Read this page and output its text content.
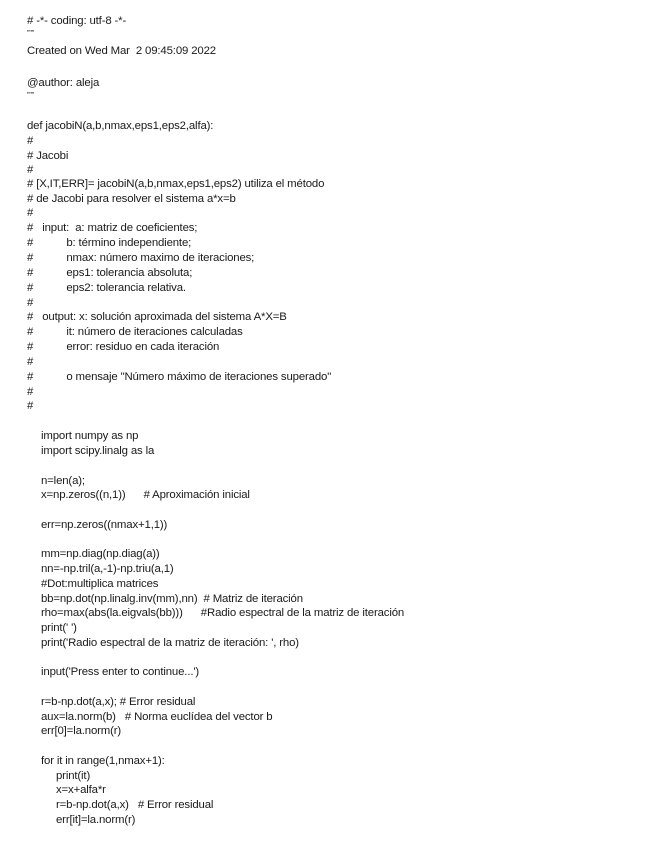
# -*- coding: utf-8 -*-
"""
Created on Wed Mar  2 09:45:09 2022
@author: aleja
"""
def jacobiN(a,b,nmax,eps1,eps2,alfa):
#
# Jacobi
#
# [X,IT,ERR]= jacobiN(a,b,nmax,eps1,eps2) utiliza el método
# de Jacobi para resolver el sistema a*x=b
#
#   input:  a: matriz de coeficientes;
#           b: término independiente;
#           nmax: número maximo de iteraciones;
#           eps1: tolerancia absoluta;
#           eps2: tolerancia relativa.
#
#   output: x: solución aproximada del sistema A*X=B
#           it: número de iteraciones calculadas
#           error: residuo en cada iteración
#
#           o mensaje "Número máximo de iteraciones superado"
#
#
import numpy as np
import scipy.linalg as la
n=len(a);
x=np.zeros((n,1))      # Aproximación inicial
err=np.zeros((nmax+1,1))
mm=np.diag(np.diag(a))
nn=-np.tril(a,-1)-np.triu(a,1)
#Dot:multiplica matrices
bb=np.dot(np.linalg.inv(mm),nn)  # Matriz de iteración
rho=max(abs(la.eigvals(bb)))      #Radio espectral de la matriz de iteración
print(' ')
print('Radio espectral de la matriz de iteración: ', rho)
input('Press enter to continue...')
r=b-np.dot(a,x); # Error residual
aux=la.norm(b)   # Norma euclídea del vector b
err[0]=la.norm(r)
for it in range(1,nmax+1):
print(it)
x=x+alfa*r
r=b-np.dot(a,x)   # Error residual
err[it]=la.norm(r)
